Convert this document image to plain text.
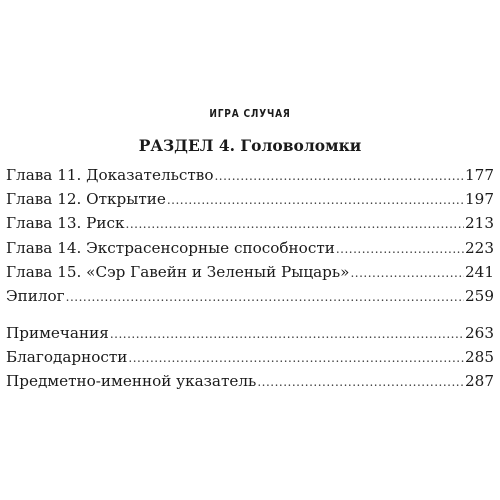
ИГРА СЛУЧАЯ
РАЗДЕЛ 4. Головоломки
Глава 11. Доказательство .....	177
Глава 12. Открытие .....	197
Глава 13. Риск .....	213
Глава 14. Экстрасенсорные способности .....	223
Глава 15. «Сэр Гавейн и Зеленый Рыцарь» .....	241
Эпилог .....	259
Примечания .....	263
Благодарности .....	285
Предметно-именной указатель .....	287
